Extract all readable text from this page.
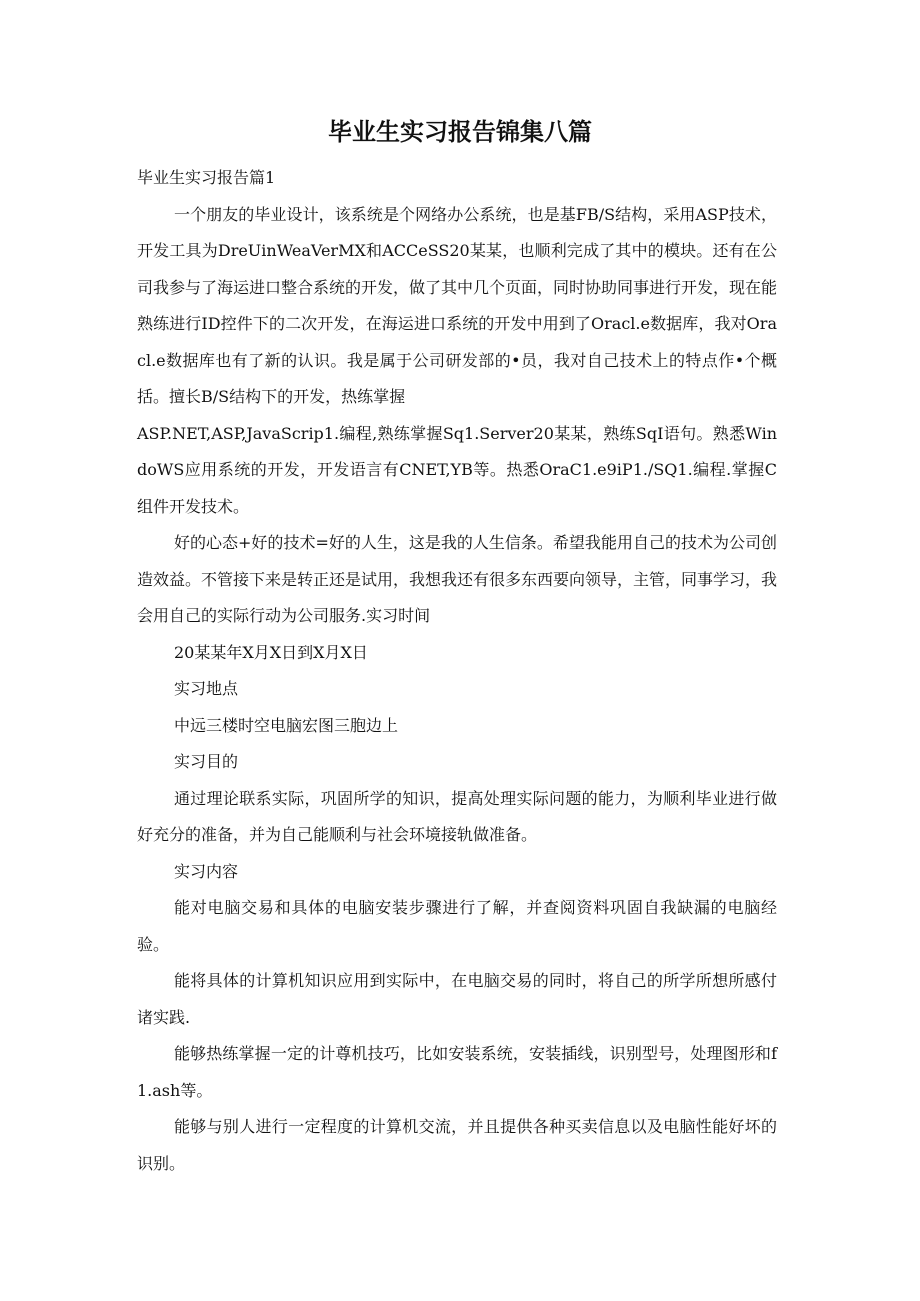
毕业生实习报告锦集八篇

毕业生实习报告篇1

一个朋友的毕业设计，该系统是个网络办公系统，也是基FB/S结构，采用ASP技术，开发工具为DreUinWeaVerMX和ACCeSS20某某，也顺利完成了其中的模块。还有在公司我参与了海运进口整合系统的开发，做了其中几个页面，同时协助同事进行开发，现在能熟练进行ID控件下的二次开发，在海运进口系统的开发中用到了Oracl.e数据库，我对Oracl.e数据库也有了新的认识。我是属于公司研发部的•员，我对自己技术上的特点作•个概括。擅长B/S结构下的开发，热练掌握

ASP.NET,ASP,JavaScrip1.编程,熟练掌握Sq1.Server20某某，熟练SqI语句。熟悉WindoWS应用系统的开发，开发语言有CNET,YB等。热悉OraC1.e9iP1./SQ1.编程.掌握C组件开发技术。

好的心态+好的技术=好的人生，这是我的人生信条。希望我能用自己的技术为公司创造效益。不管接下来是转正还是试用，我想我还有很多东西要向领导，主管，同事学习，我会用自己的实际行动为公司服务.实习时间

20某某年X月X日到X月X日

实习地点

中远三楼时空电脑宏图三胞边上

实习目的

通过理论联系实际，巩固所学的知识，提高处理实际问题的能力，为顺利毕业进行做好充分的准备，并为自己能顺利与社会环境接轨做准备。

实习内容

能对电脑交易和具体的电脑安装步骤进行了解，并查阅资料巩固自我缺漏的电脑经验。

能将具体的计算机知识应用到实际中，在电脑交易的同时，将自己的所学所想所感付诸实践.

能够热练掌握一定的计尊机技巧，比如安装系统，安装插线，识别型号，处理图形和f1.ash等。

能够与别人进行一定程度的计算机交流，并且提供各种买卖信息以及电脑性能好坏的识别。
